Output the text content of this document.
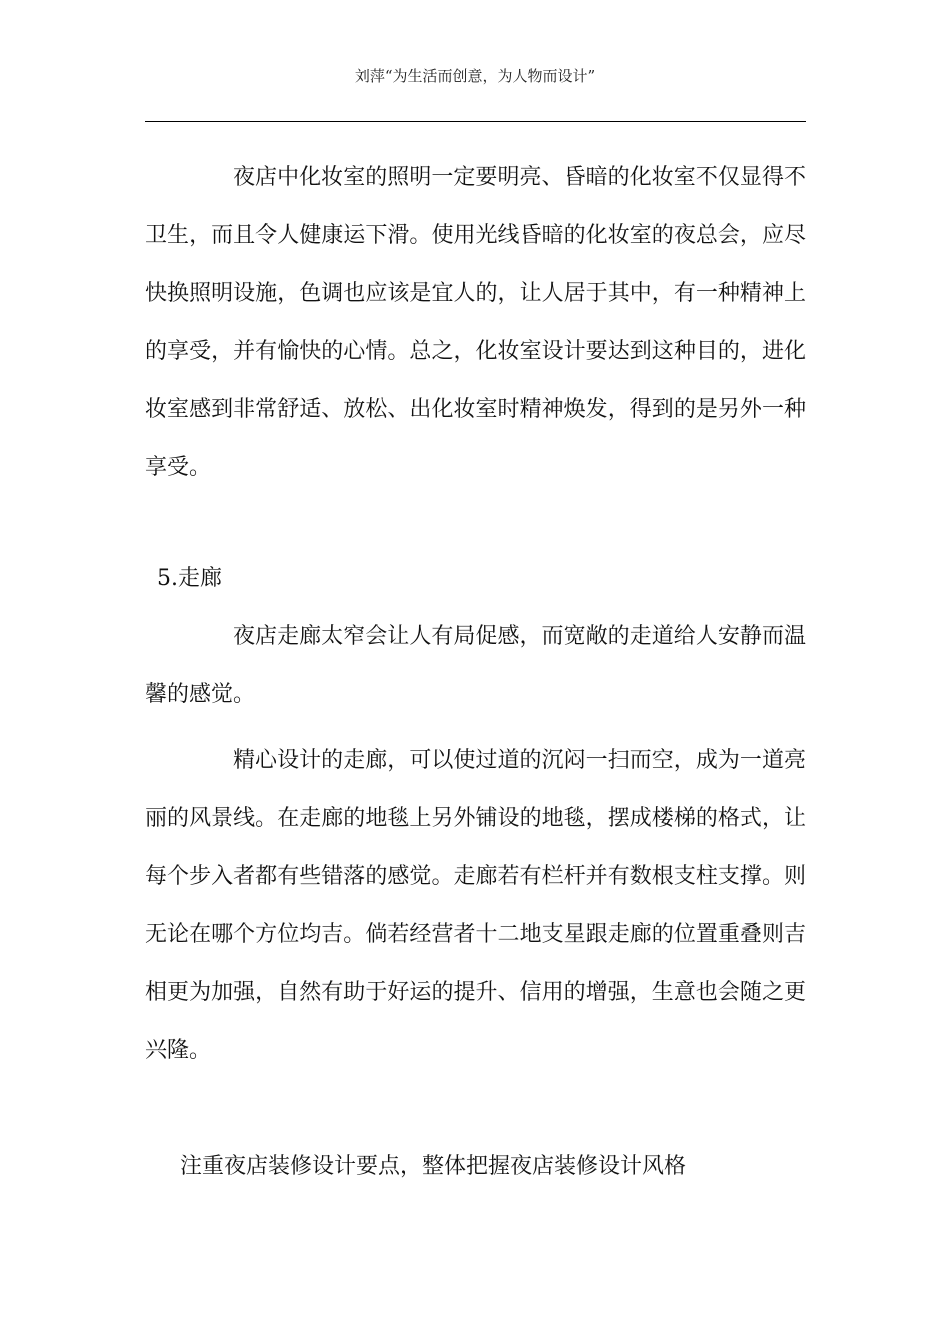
刘萍“为生活而创意，为人物而设计”

夜店中化妆室的照明一定要明亮、昏暗的化妆室不仅显得不卫生，而且令人健康运下滑。使用光线昏暗的化妆室的夜总会，应尽快换照明设施，色调也应该是宜人的，让人居于其中，有一种精神上的享受，并有愉快的心情。总之，化妆室设计要达到这种目的，进化妆室感到非常舒适、放松、出化妆室时精神焕发，得到的是另外一种享受。

5.走廊

夜店走廊太窄会让人有局促感，而宽敞的走道给人安静而温馨的感觉。

精心设计的走廊，可以使过道的沉闷一扫而空，成为一道亮丽的风景线。在走廊的地毯上另外铺设的地毯，摆成楼梯的格式，让每个步入者都有些错落的感觉。走廊若有栏杆并有数根支柱支撑。则无论在哪个方位均吉。倘若经营者十二地支星跟走廊的位置重叠则吉相更为加强，自然有助于好运的提升、信用的增强，生意也会随之更兴隆。

注重夜店装修设计要点，整体把握夜店装修设计风格
